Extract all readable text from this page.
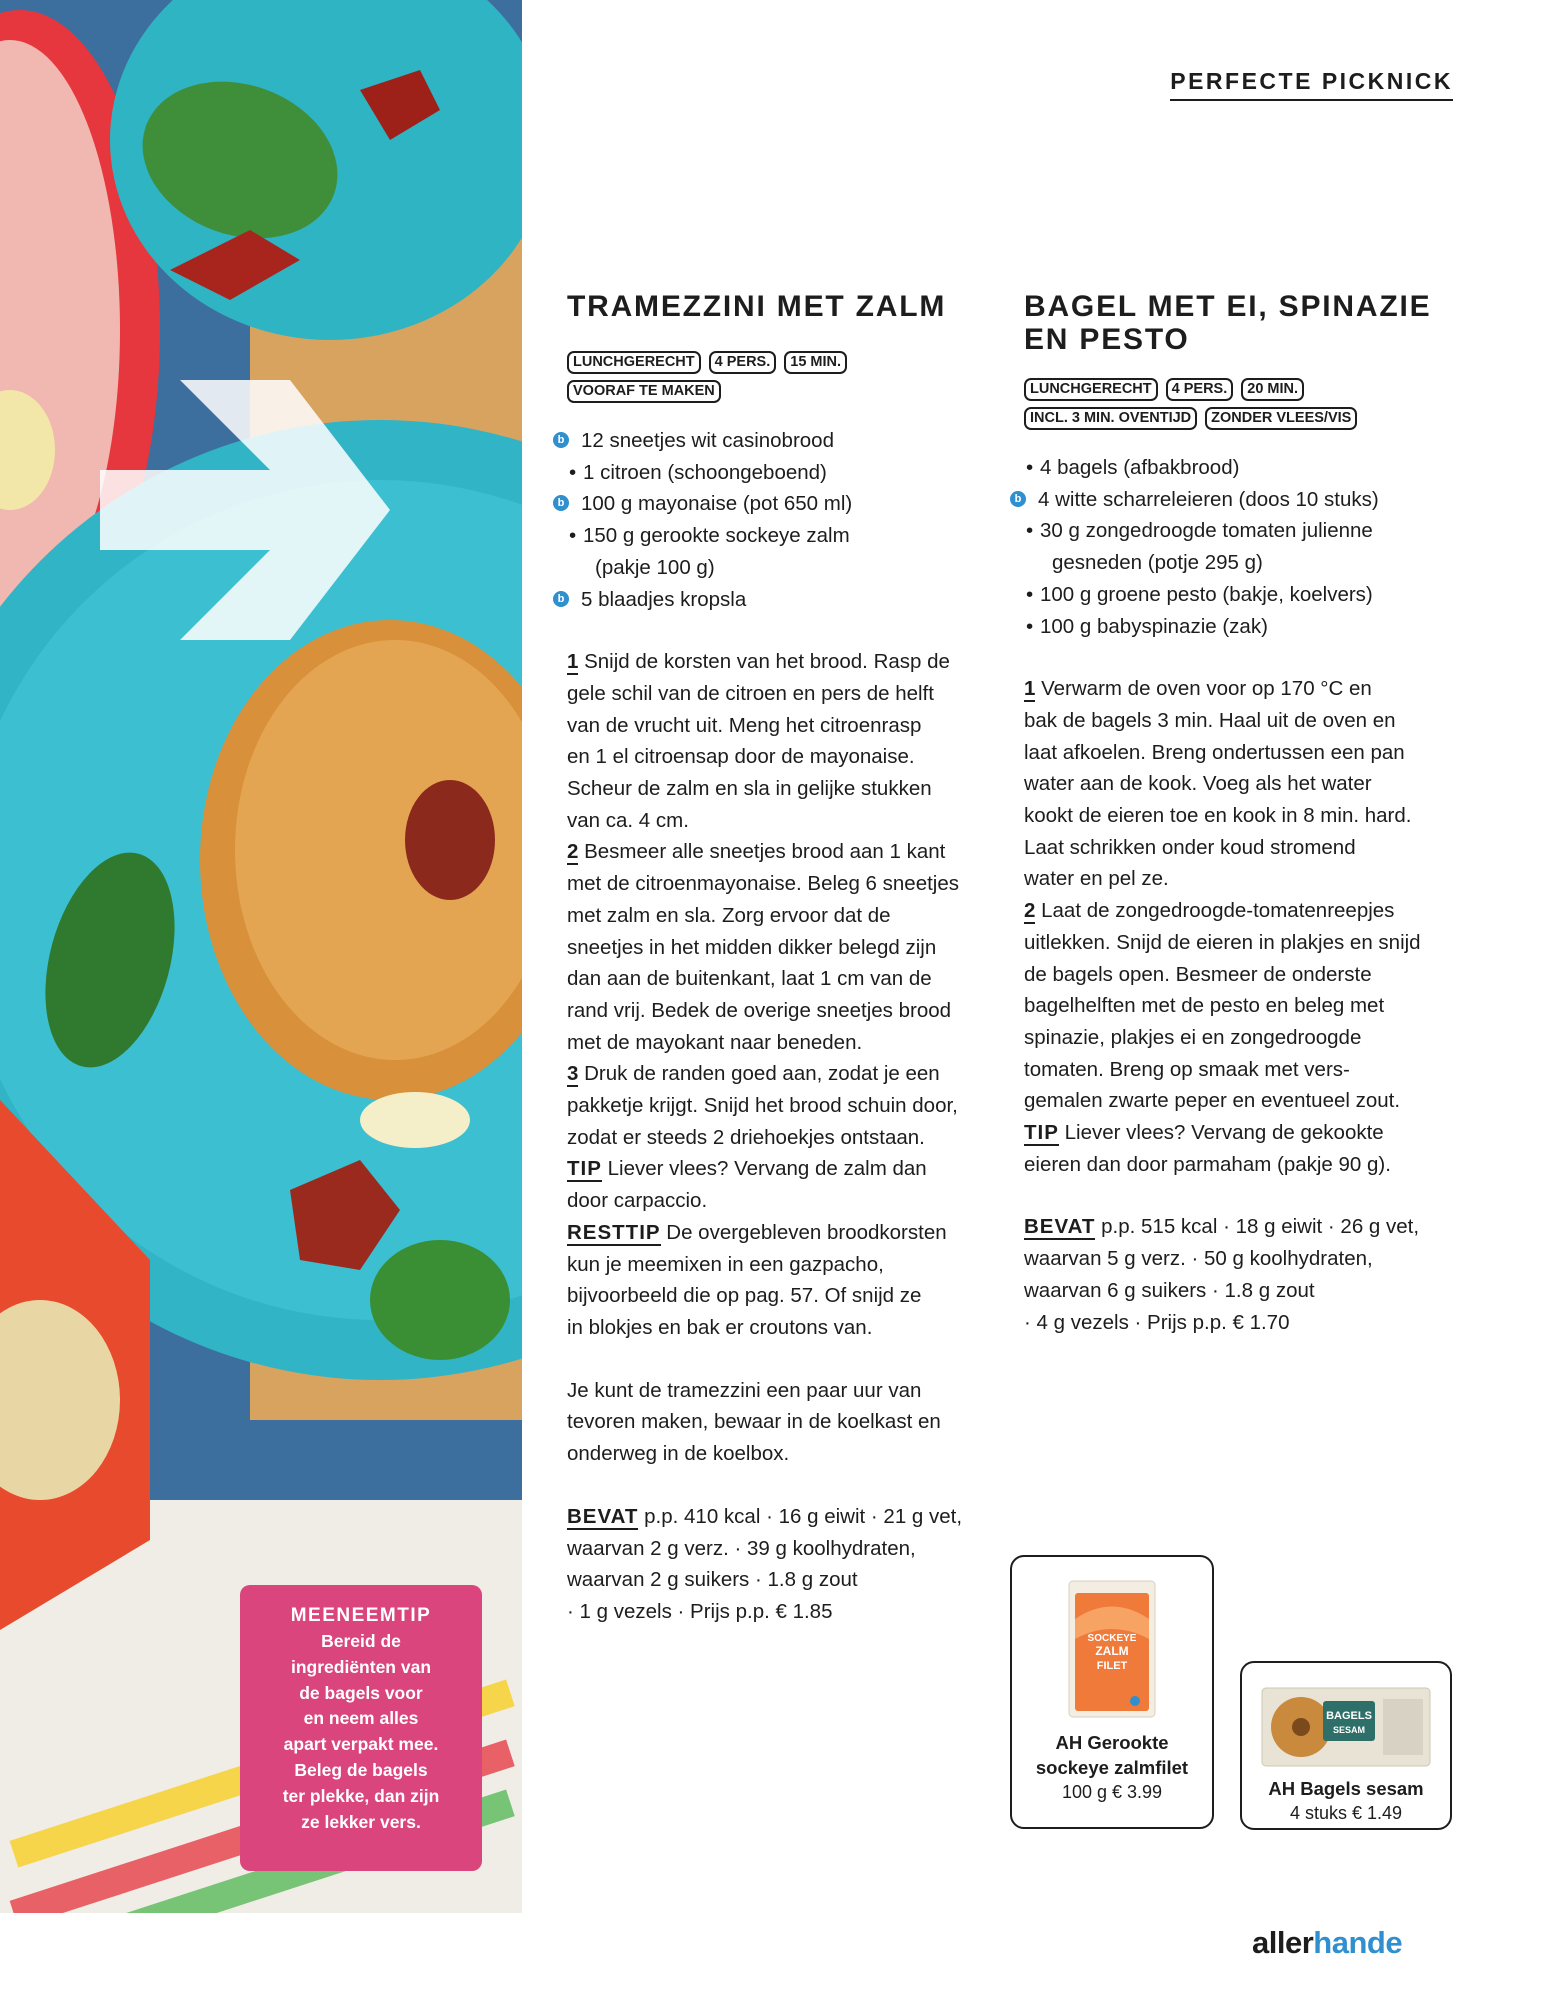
MEENEEMTIP
Bereid de
ingrediënten van
de bagels voor
en neem alles
apart verpakt mee.
Beleg de bagels
ter plekke, dan zijn
ze lekker vers.
PERFECTE PICKNICK
TRAMEZZINI MET ZALM
LUNCHGERECHT	4 PERS.	15 MIN.
VOORAF TE MAKEN
b 12 sneetjes wit casinobrood
• 1 citroen (schoongeboend)
b 100 g mayonaise (pot 650 ml)
• 150 g gerookte sockeye zalm
(pakje 100 g)
b 5 blaadjes kropsla

1 Snijd de korsten van het brood. Rasp de
gele schil van de citroen en pers de helft
van de vrucht uit. Meng het citroenrasp
en 1 el citroensap door de mayonaise.
Scheur de zalm en sla in gelijke stukken
van ca. 4 cm.

2 Besmeer alle sneetjes brood aan 1 kant
met de citroenmayonaise. Beleg 6 sneetjes
met zalm en sla. Zorg ervoor dat de
sneetjes in het midden dikker belegd zijn
dan aan de buitenkant, laat 1 cm van de
rand vrij. Bedek de overige sneetjes brood
met de mayokant naar beneden.

3 Druk de randen goed aan, zodat je een
pakketje krijgt. Snijd het brood schuin door,
zodat er steeds 2 driehoekjes ontstaan.

TIP Liever vlees? Vervang de zalm dan
door carpaccio.

RESTTIP De overgebleven broodkorsten
kun je meemixen in een gazpacho,
bijvoorbeeld die op pag. 57. Of snijd ze
in blokjes en bak er croutons van.

Je kunt de tramezzini een paar uur van
tevoren maken, bewaar in de koelkast en
onderweg in de koelbox.

BEVAT p.p. 410 kcal · 16 g eiwit · 21 g vet,
waarvan 2 g verz. · 39 g koolhydraten,
waarvan 2 g suikers · 1.8 g zout
· 1 g vezels · Prijs p.p. € 1.85

BAGEL MET EI, SPINAZIE
EN PESTO
LUNCHGERECHT	4 PERS.	20 MIN.
INCL. 3 MIN. OVENTIJD	ZONDER VLEES/VIS
• 4 bagels (afbakbrood)
b 4 witte scharreleieren (doos 10 stuks)
• 30 g zongedroogde tomaten julienne
gesneden (potje 295 g)
• 100 g groene pesto (bakje, koelvers)
• 100 g babyspinazie (zak)

1 Verwarm de oven voor op 170 °C en
bak de bagels 3 min. Haal uit de oven en
laat afkoelen. Breng ondertussen een pan
water aan de kook. Voeg als het water
kookt de eieren toe en kook in 8 min. hard.
Laat schrikken onder koud stromend
water en pel ze.

2 Laat de zongedroogde-tomatenreepjes
uitlekken. Snijd de eieren in plakjes en snijd
de bagels open. Besmeer de onderste
bagelhelften met de pesto en beleg met
spinazie, plakjes ei en zongedroogde
tomaten. Breng op smaak met vers-
gemalen zwarte peper en eventueel zout.

TIP Liever vlees? Vervang de gekookte
eieren dan door parmaham (pakje 90 g).

BEVAT p.p. 515 kcal · 18 g eiwit · 26 g vet,
waarvan 5 g verz. · 50 g koolhydraten,
waarvan 6 g suikers · 1.8 g zout
· 4 g vezels · Prijs p.p. € 1.70

SOCKEYE
ZALM
FILET
AH Gerookte
sockeye zalmfilet
100 g € 3.99
BAGELS
SESAM
AH Bagels sesam
4 stuks € 1.49
allerhande
